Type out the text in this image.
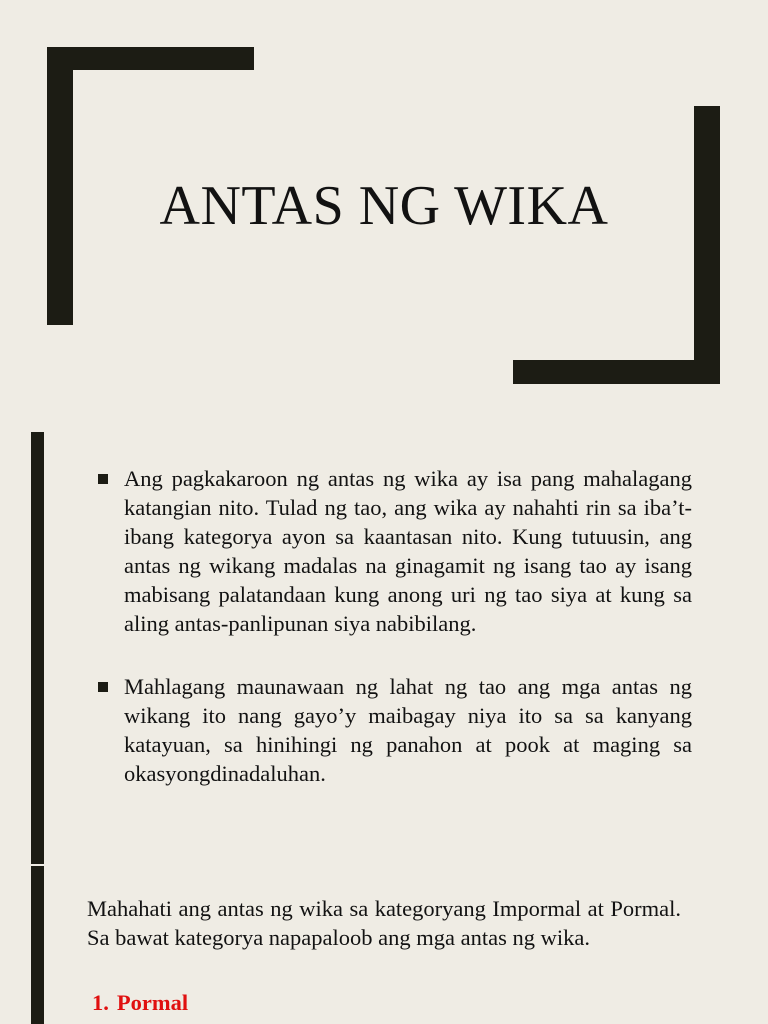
ANTAS NG WIKA
Ang pagkakaroon ng antas ng wika ay isa pang mahalagang katangian nito. Tulad ng tao, ang wika ay nahahti rin sa iba’t-ibang kategorya ayon sa kaantasan nito. Kung tutuusin, ang antas ng wikang madalas na ginagamit ng isang tao ay isang mabisang palatandaan kung anong uri ng tao siya at kung sa aling antas-panlipunan siya nabibilang.
Mahlagang maunawaan ng lahat ng tao ang mga antas ng wikang ito nang gayo’y maibagay niya ito sa sa kanyang katayuan, sa hinihingi ng panahon at pook at maging sa okasyongdinadaluhan.

Mahahati ang antas ng wika sa kategoryang Impormal at Pormal. Sa bawat kategorya napapaloob ang mga antas ng wika.

1. Pormal
